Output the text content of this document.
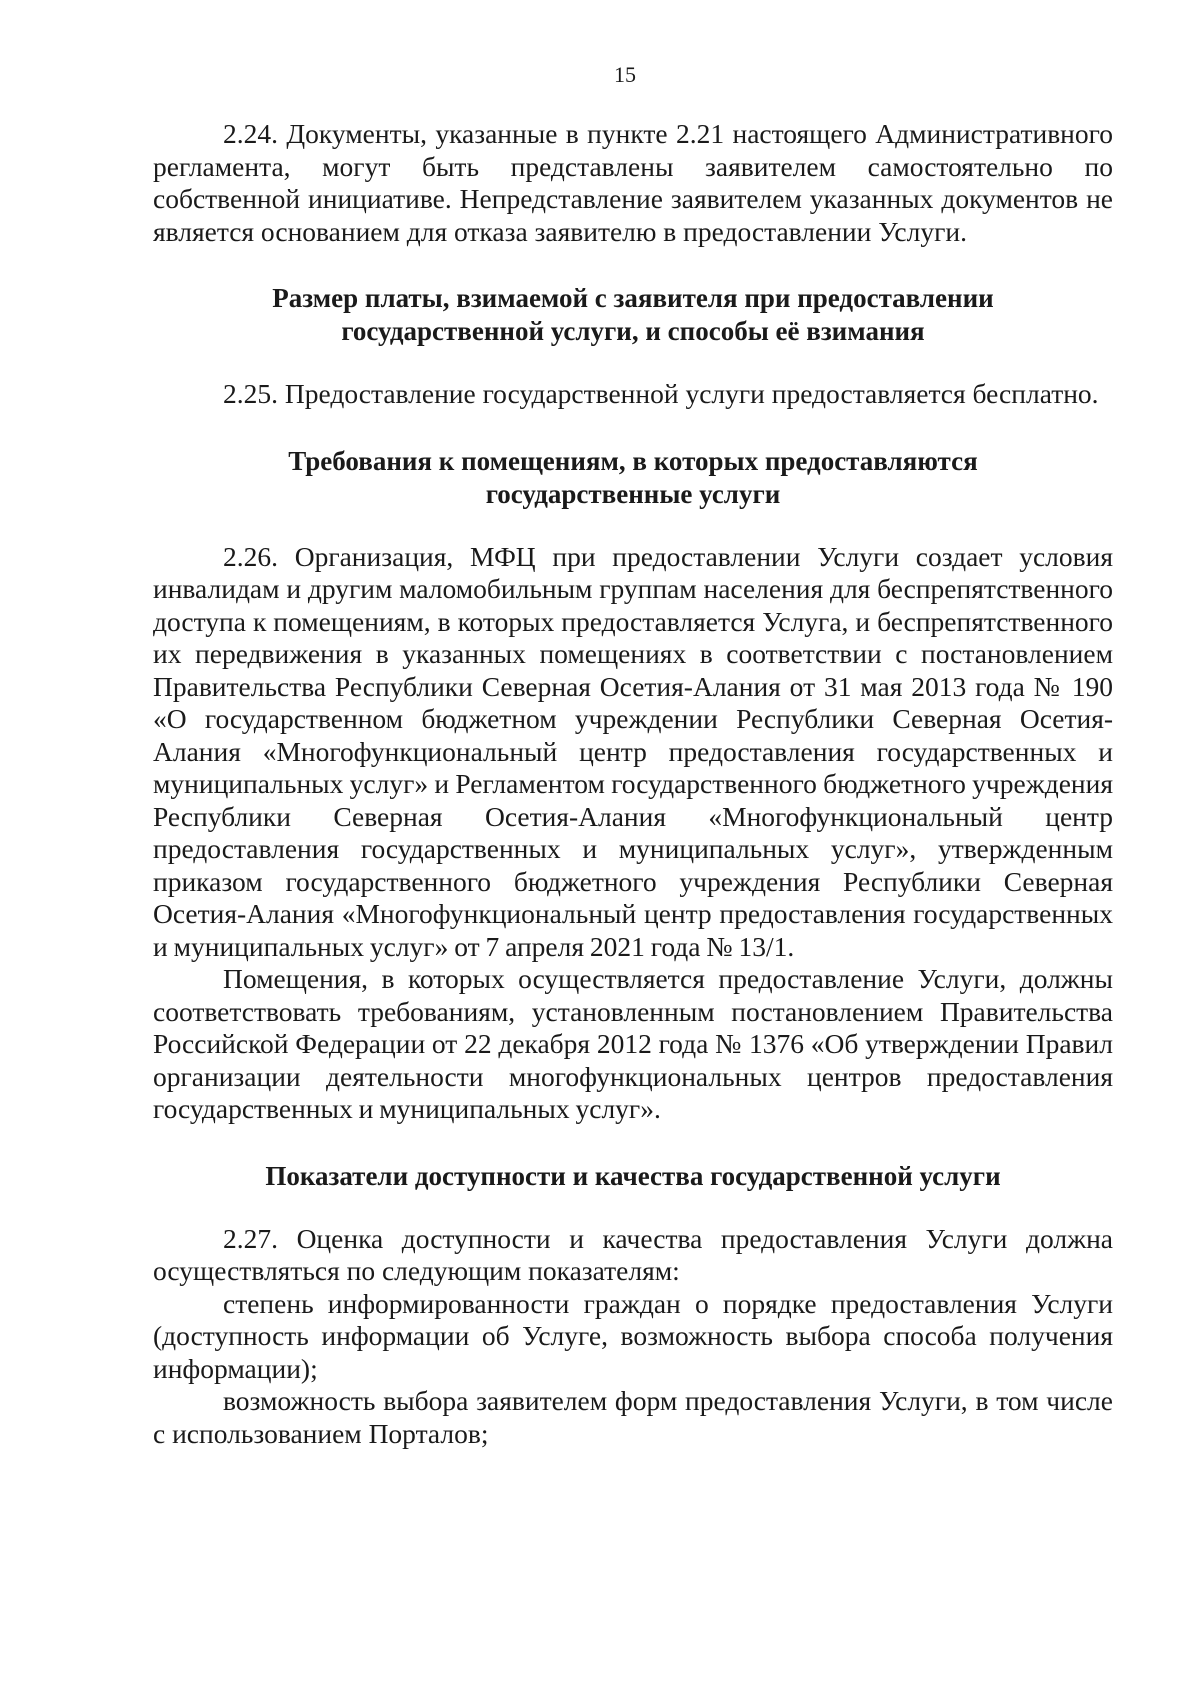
15

2.24. Документы, указанные в пункте 2.21 настоящего Административного регламента, могут быть представлены заявителем самостоятельно по собственной инициативе. Непредставление заявителем указанных документов не является основанием для отказа заявителю в предоставлении Услуги.

Размер платы, взимаемой с заявителя при предоставлении
государственной услуги, и способы её взимания

2.25. Предоставление государственной услуги предоставляется бесплатно.

Требования к помещениям, в которых предоставляются
государственные услуги

2.26. Организация, МФЦ при предоставлении Услуги создает условия инвалидам и другим маломобильным группам населения для беспрепятственного доступа к помещениям, в которых предоставляется Услуга, и беспрепятственного их передвижения в указанных помещениях в соответствии с постановлением Правительства Республики Северная Осетия-Алания от 31 мая 2013 года № 190 «О государственном бюджетном учреждении Республики Северная Осетия-Алания «Многофункциональный центр предоставления государственных и муниципальных услуг» и Регламентом государственного бюджетного учреждения Республики Северная Осетия-Алания «Многофункциональный центр предоставления государственных и муниципальных услуг», утвержденным приказом государственного бюджетного учреждения Республики Северная Осетия-Алания «Многофункциональный центр предоставления государственных и муниципальных услуг» от 7 апреля 2021 года № 13/1.

Помещения, в которых осуществляется предоставление Услуги, должны соответствовать требованиям, установленным постановлением Правительства Российской Федерации от 22 декабря 2012 года № 1376 «Об утверждении Правил организации деятельности многофункциональных центров предоставления государственных и муниципальных услуг».

Показатели доступности и качества государственной услуги

2.27. Оценка доступности и качества предоставления Услуги должна осуществляться по следующим показателям:

степень информированности граждан о порядке предоставления Услуги (доступность информации об Услуге, возможность выбора способа получения информации);

возможность выбора заявителем форм предоставления Услуги, в том числе с использованием Порталов;
